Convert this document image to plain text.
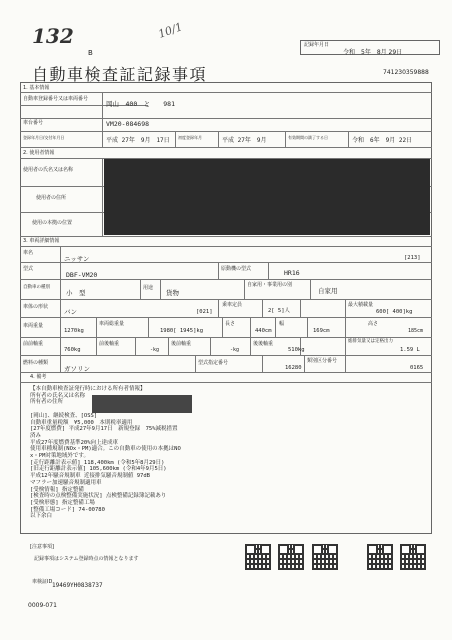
132	10/1
B
自動車検査証記録事項
記録年月日
令和　5年　8月 29日
741230359888
1. 基本情報
自動車登録番号又は車両番号
岡山　400　と　　981
車台番号	VM20-084698
登録年月日/交付年月日	平成 27年　9月　17日 初度登録年月	平成 27年　9月	有効期間の満了する日	令和　6年　9月 22日
2. 使用者情報
使用者の氏名又は名称
使用者の住所
使用の本拠の位置
3. 車両詳細情報
車名
ニッサン	[213]
型式
DBF-VM20
原動機の型式	HR16
自動車の種別
小　型
用途
貨物
自家用・事業用の別
自家用
車体の形状
バン	[021]
乗車定員
2[ 5]人
最大積載量
600[ 400]kg
車両重量
1270kg
車両総重量
1980[ 1945]kg
長さ
440cm
幅
169cm
高さ
185cm
前前軸重
760kg
前後軸重
-kg
後前軸重
-kg
後後軸重
510kg
総排気量又は定格出力
1.59 L
燃料の種類
ガソリン
型式指定番号
16280
類別区分番号
0165
4. 備考
【本自動車検査証発行時における所有者情報】
所有者の氏名又は名称
所有者の住所
[岡山]、継続検査、[OSS]
自動車重量税額　¥5,000　本則税率適用
[27年度燃費] 平成27年9月17日　新規登録　75%減税措置
済み
平成27年度燃費基準20%向上達成車
使用車種規制(NOx・PM)適合。この自動車の使用の本拠はNO
x・PM対策地域外です。
[走行距離計表示値] 118,400km (令和5年8月29日)
[旧走行距離計表示値] 105,600km (令和4年9月5日)
平成12年騒音規制車 近接排気騒音規制値 97dB
マフラー加速騒音規制適用車
[受検情報] 指定整備
[検査時の点検整備実施状況] 点検整備記録簿記載あり
[受検形態] 指定整備工場
[整備工場コード] 74-00780
以下余白
[注意事項]
記録事項はシステム登録時点の情報となります
車検証ID 19469YH0838737
0009-071
